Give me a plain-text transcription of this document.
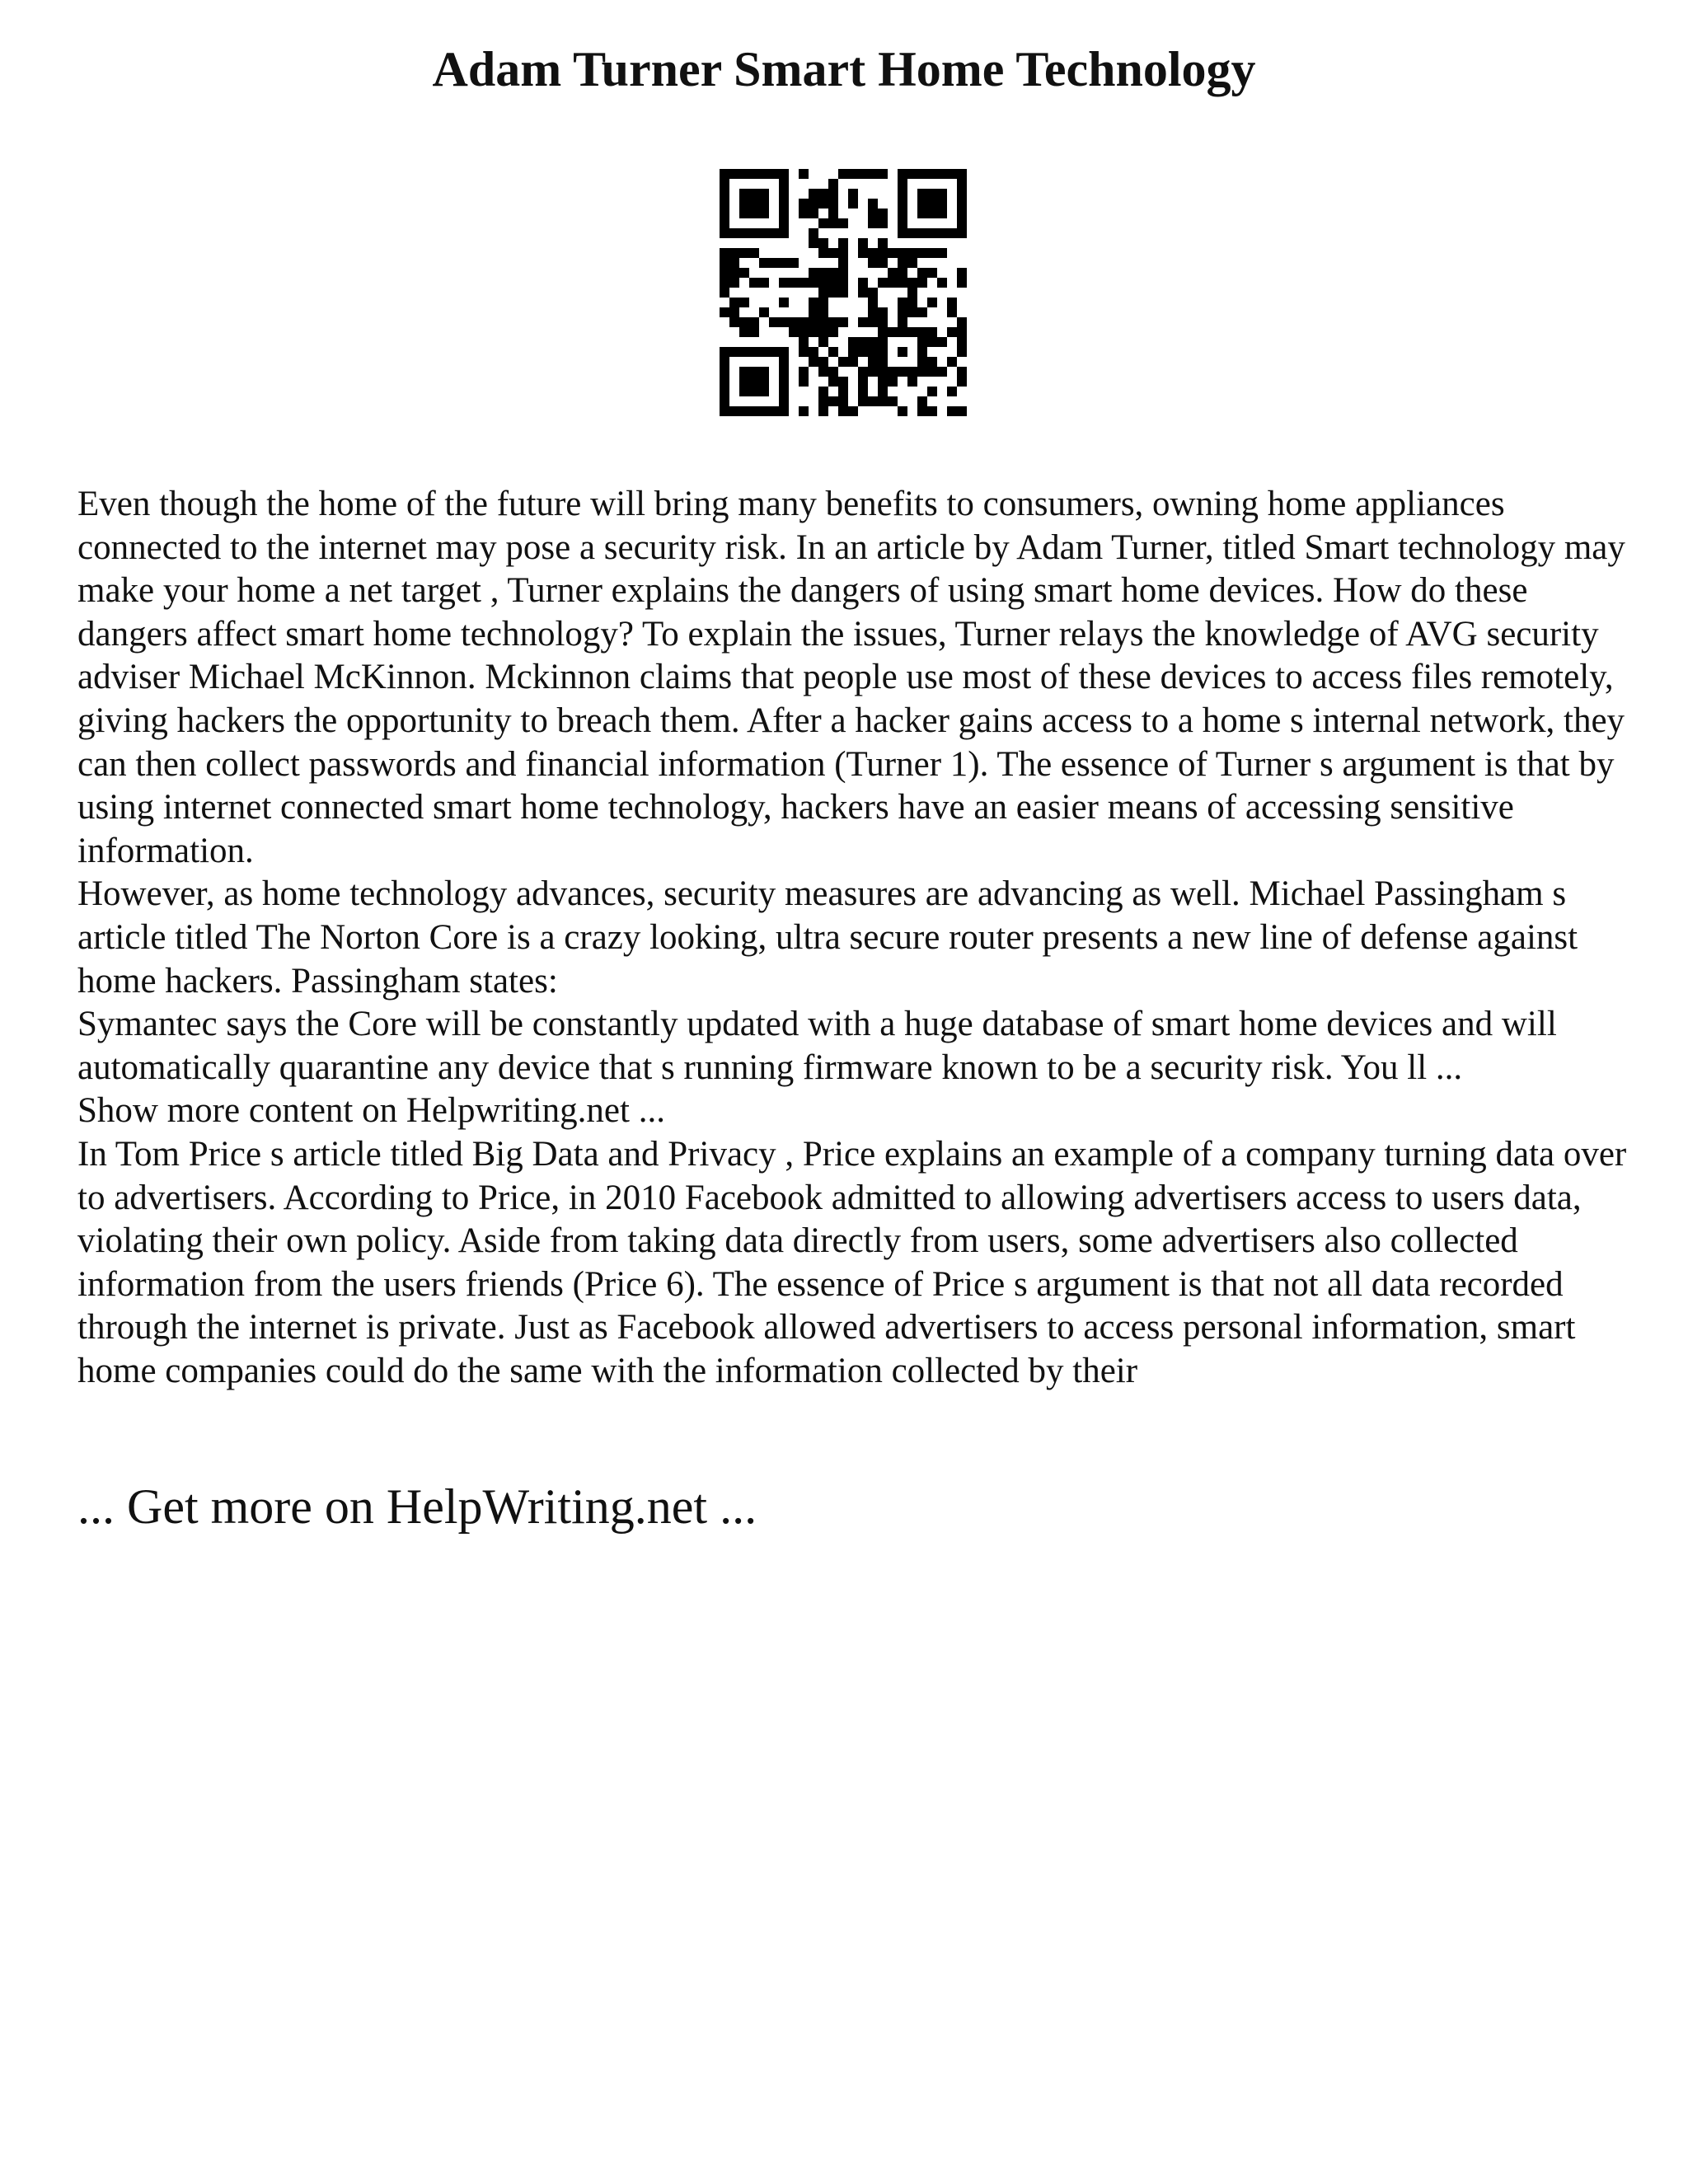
Adam Turner Smart Home Technology

Even though the home of the future will bring many benefits to consumers, owning home appliances connected to the internet may pose a security risk. In an article by Adam Turner, titled Smart technology may make your home a net target , Turner explains the dangers of using smart home devices. How do these dangers affect smart home technology? To explain the issues, Turner relays the knowledge of AVG security adviser Michael McKinnon. Mckinnon claims that people use most of these devices to access files remotely, giving hackers the opportunity to breach them. After a hacker gains access to a home s internal network, they can then collect passwords and financial information (Turner 1). The essence of Turner s argument is that by using internet connected smart home technology, hackers have an easier means of accessing sensitive information.

However, as home technology advances, security measures are advancing as well. Michael Passingham s article titled The Norton Core is a crazy looking, ultra secure router presents a new line of defense against home hackers. Passingham states:

Symantec says the Core will be constantly updated with a huge database of smart home devices and will automatically quarantine any device that s running firmware known to be a security risk. You ll ...

Show more content on Helpwriting.net ...

In Tom Price s article titled Big Data and Privacy , Price explains an example of a company turning data over to advertisers. According to Price, in 2010 Facebook admitted to allowing advertisers access to users data, violating their own policy. Aside from taking data directly from users, some advertisers also collected information from the users friends (Price 6). The essence of Price s argument is that not all data recorded through the internet is private. Just as Facebook allowed advertisers to access personal information, smart home companies could do the same with the information collected by their

... Get more on HelpWriting.net ...
